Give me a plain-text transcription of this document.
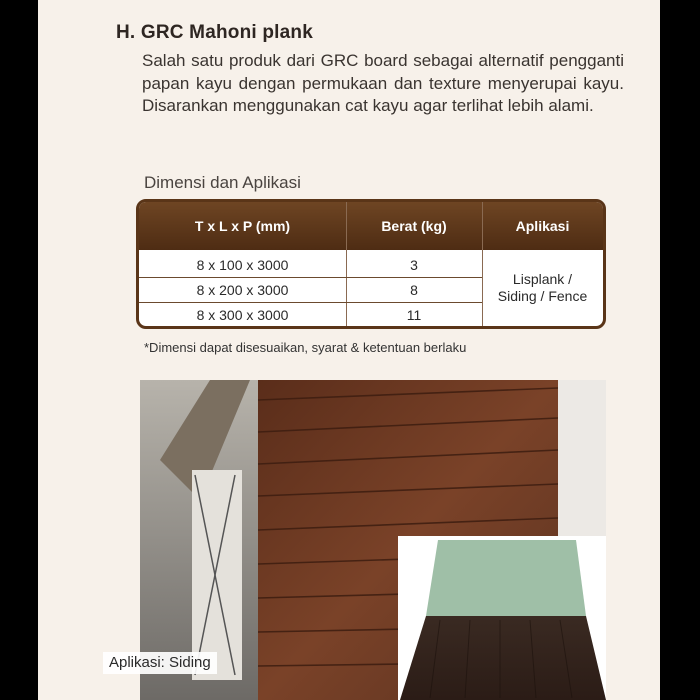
H. GRC Mahoni plank
Salah satu produk dari GRC board sebagai alternatif pengganti papan kayu dengan permukaan dan texture menyerupai kayu. Disarankan menggunakan cat kayu agar terlihat lebih alami.
Dimensi dan Aplikasi
T x L x P (mm)	Berat (kg)	Aplikasi
8 x 100 x 3000	3
8 x 200 x 3000	8
8 x 300 x 3000	11
Lisplank /
Siding / Fence
*Dimensi dapat disesuaikan, syarat & ketentuan berlaku
Aplikasi: Siding
